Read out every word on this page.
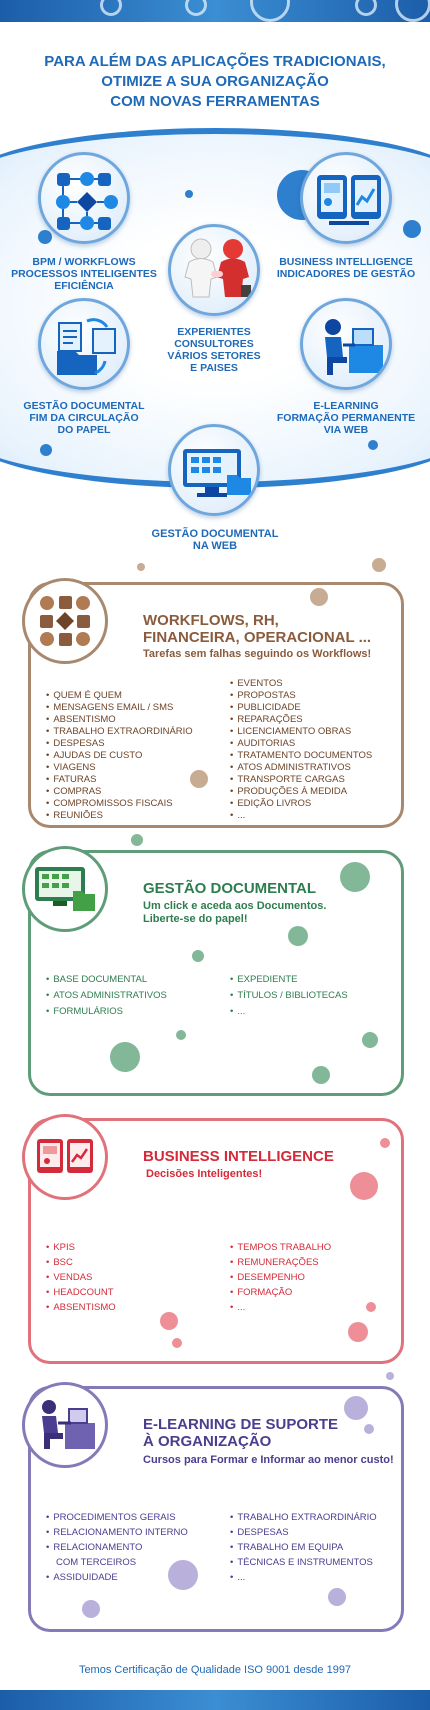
PARA ALÉM DAS APLICAÇÕES TRADICIONAIS,
OTIMIZE A SUA ORGANIZAÇÃO
COM NOVAS FERRAMENTAS
BPM / WORKFLOWS
PROCESSOS INTELIGENTES
EFICIÊNCIA
BUSINESS INTELLIGENCE
INDICADORES DE GESTÃO
EXPERIENTES
CONSULTORES
VÁRIOS SETORES
E PAISES
GESTÃO DOCUMENTAL
FIM DA CIRCULAÇÃO
DO PAPEL
E-LEARNING
FORMAÇÃO PERMANENTE
VIA WEB
GESTÃO DOCUMENTAL
NA WEB
WORKFLOWS, RH,
FINANCEIRA, OPERACIONAL ...
Tarefas sem falhas seguindo os Workflows!
• QUEM É QUEM
• MENSAGENS EMAIL / SMS
• ABSENTISMO
• TRABALHO EXTRAORDINÁRIO
• DESPESAS
• AJUDAS DE CUSTO
• VIAGENS
• FATURAS
• COMPRAS
• COMPROMISSOS FISCAIS
• REUNIÕES
• EVENTOS
• PROPOSTAS
• PUBLICIDADE
• REPARAÇÕES
• LICENCIAMENTO OBRAS
• AUDITORIAS
• TRATAMENTO DOCUMENTOS
• ATOS ADMINISTRATIVOS
• TRANSPORTE CARGAS
• PRODUÇÕES À MEDIDA
• EDIÇÃO LIVROS
• ...
GESTÃO DOCUMENTAL
Um click e aceda aos Documentos.
Liberte-se do papel!
• BASE DOCUMENTAL
• ATOS ADMINISTRATIVOS
• FORMULÁRIOS
• EXPEDIENTE
• TÍTULOS / BIBLIOTECAS
• ...
BUSINESS INTELLIGENCE
Decisões Inteligentes!
• KPIS
• BSC
• VENDAS
• HEADCOUNT
• ABSENTISMO
• TEMPOS TRABALHO
• REMUNERAÇÕES
• DESEMPENHO
• FORMAÇÃO
• ...
E-LEARNING DE SUPORTE
À ORGANIZAÇÃO
Cursos para Formar e Informar ao menor custo!
• PROCEDIMENTOS GERAIS
• RELACIONAMENTO INTERNO
• RELACIONAMENTO
COM TERCEIROS
• ASSIDUIDADE
• TRABALHO EXTRAORDINÁRIO
• DESPESAS
• TRABALHO EM EQUIPA
• TÉCNICAS E INSTRUMENTOS
• ...
Temos Certificação de Qualidade ISO 9001 desde 1997
